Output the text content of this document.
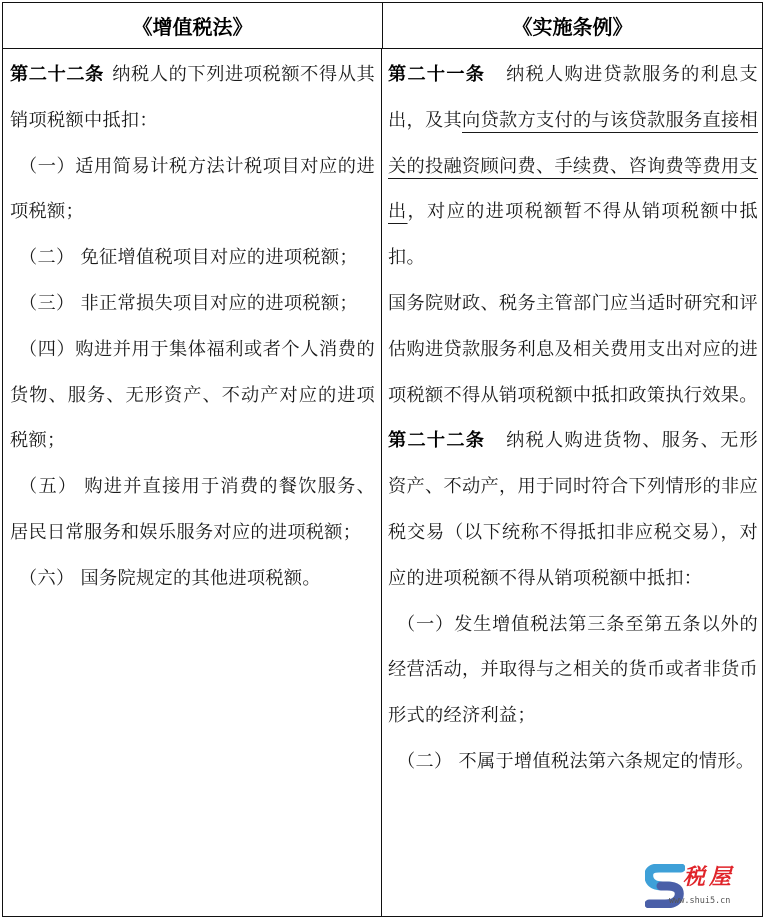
《增值税法》	《实施条例》

第二十二条 纳税人的下列进项税额不得从其销项税额中抵扣：

（一）适用简易计税方法计税项目对应的进项税额；

（二） 免征增值税项目对应的进项税额；

（三） 非正常损失项目对应的进项税额；

（四）购进并用于集体福利或者个人消费的货物、服务、无形资产、不动产对应的进项税额；

（五） 购进并直接用于消费的餐饮服务、居民日常服务和娱乐服务对应的进项税额；

（六） 国务院规定的其他进项税额。

第二十一条 纳税人购进贷款服务的利息支出，及其向贷款方支付的与该贷款服务直接相关的投融资顾问费、手续费、咨询费等费用支出，对应的进项税额暂不得从销项税额中抵扣。

国务院财政、税务主管部门应当适时研究和评估购进贷款服务利息及相关费用支出对应的进项税额不得从销项税额中抵扣政策执行效果。

第二十二条 纳税人购进货物、服务、无形资产、不动产，用于同时符合下列情形的非应税交易（以下统称不得抵扣非应税交易），对应的进项税额不得从销项税额中抵扣：

（一）发生增值税法第三条至第五条以外的经营活动，并取得与之相关的货币或者非货币形式的经济利益；

（二） 不属于增值税法第六条规定的情形。

税屋
www.shui5.cn
